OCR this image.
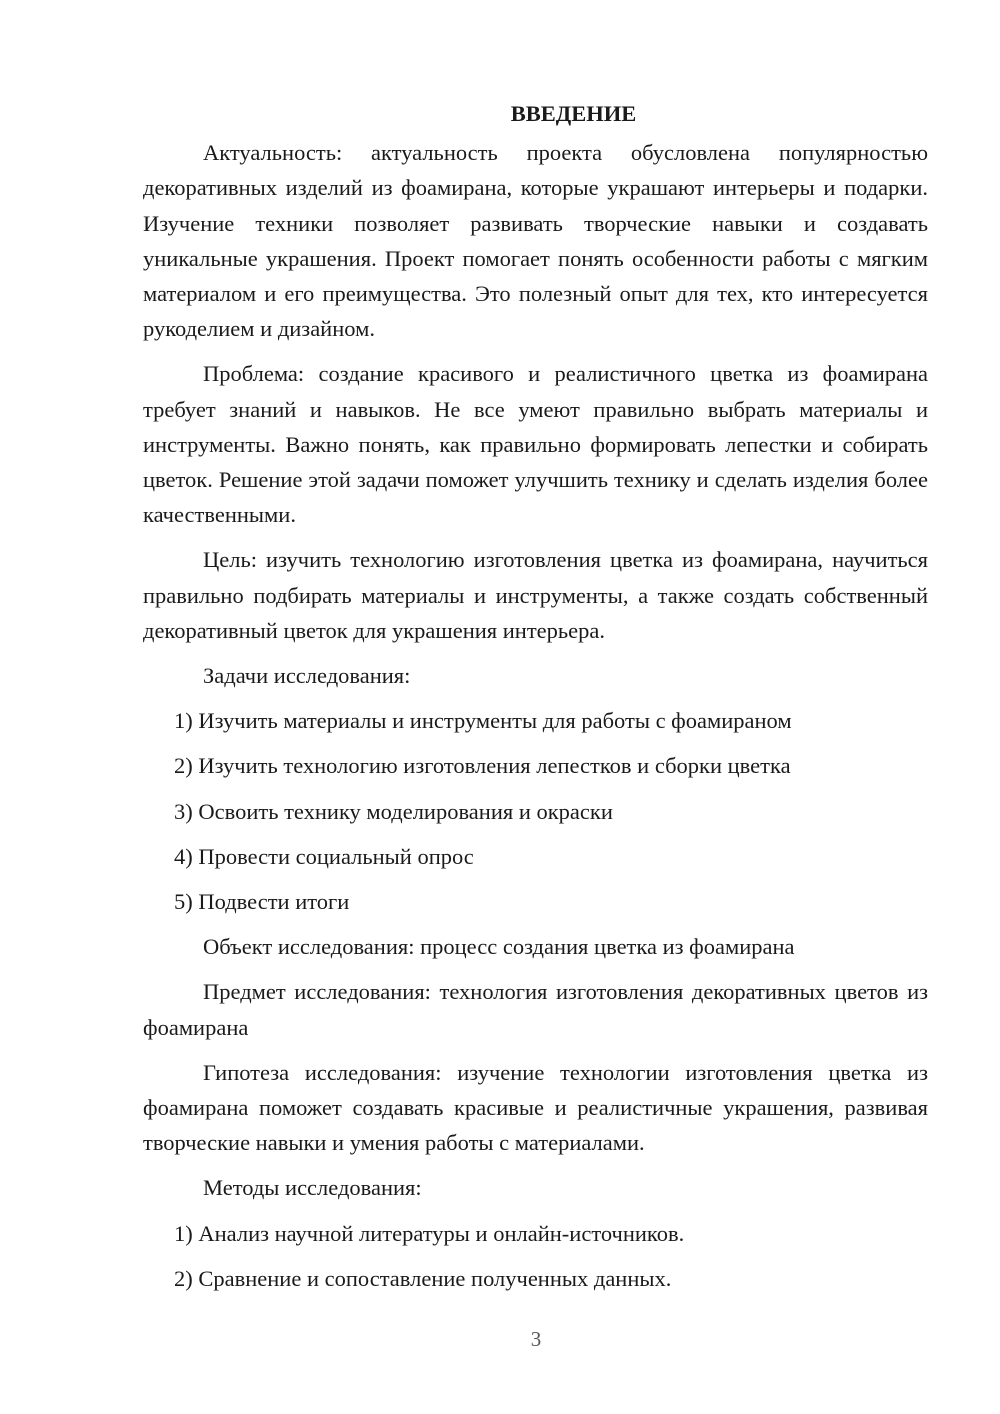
ВВЕДЕНИЕ

Актуальность: актуальность проекта обусловлена популярностью декоративных изделий из фоамирана, которые украшают интерьеры и подарки. Изучение техники позволяет развивать творческие навыки и создавать уникальные украшения. Проект помогает понять особенности работы с мягким материалом и его преимущества. Это полезный опыт для тех, кто интересуется рукоделием и дизайном.

Проблема: создание красивого и реалистичного цветка из фоамирана требует знаний и навыков. Не все умеют правильно выбрать материалы и инструменты. Важно понять, как правильно формировать лепестки и собирать цветок. Решение этой задачи поможет улучшить технику и сделать изделия более качественными.

Цель: изучить технологию изготовления цветка из фоамирана, научиться правильно подбирать материалы и инструменты, а также создать собственный декоративный цветок для украшения интерьера.

Задачи исследования:

1) Изучить материалы и инструменты для работы с фоамираном
2) Изучить технологию изготовления лепестков и сборки цветка
3) Освоить технику моделирования и окраски
4) Провести социальный опрос
5) Подвести итоги

Объект исследования: процесс создания цветка из фоамирана

Предмет исследования: технология изготовления декоративных цветов из фоамирана

Гипотеза исследования: изучение технологии изготовления цветка из фоамирана поможет создавать красивые и реалистичные украшения, развивая творческие навыки и умения работы с материалами.

Методы исследования:

1) Анализ научной литературы и онлайн-источников.
2) Сравнение и сопоставление полученных данных.
3
